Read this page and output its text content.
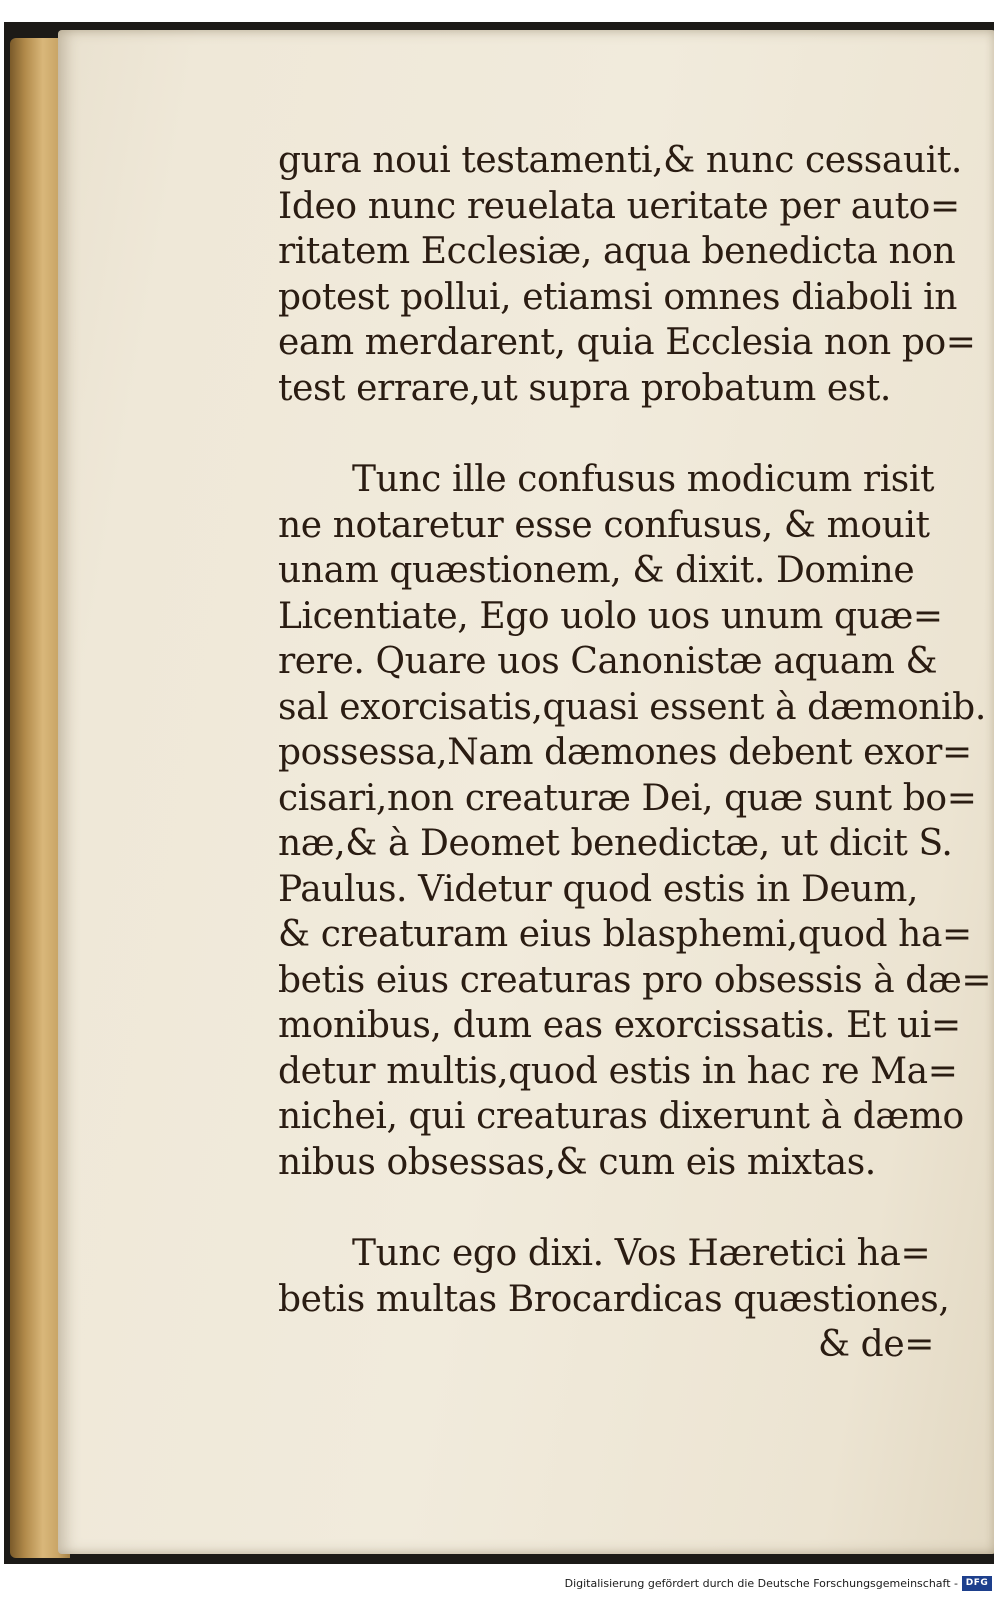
gura noui testamenti,& nunc cessauit.
Ideo nunc reuelata ueritate per auto=
ritatem Ecclesiæ, aqua benedicta non
potest pollui, etiamsi omnes diaboli in
eam merdarent, quia Ecclesia non po=
test errare,ut supra probatum est.
Tunc ille confusus modicum risit
ne notaretur esse confusus, & mouit
unam quæstionem, & dixit. Domine
Licentiate, Ego uolo uos unum quæ=
rere. Quare uos Canonistæ aquam &
sal exorcisatis,quasi essent à dæmonib.
possessa,Nam dæmones debent exor=
cisari,non creaturæ Dei, quæ sunt bo=
næ,& à Deomet benedictæ, ut dicit S.
Paulus. Videtur quod estis in Deum,
& creaturam eius blasphemi,quod ha=
betis eius creaturas pro obsessis à dæ=
monibus, dum eas exorcissatis. Et ui=
detur multis,quod estis in hac re Ma=
nichei, qui creaturas dixerunt à dæmo
nibus obsessas,& cum eis mixtas.
Tunc ego dixi. Vos Hæretici ha=
betis multas Brocardicas quæstiones,
& de=
Digitalisierung gefördert durch die Deutsche Forschungsgemeinschaft - DFG
